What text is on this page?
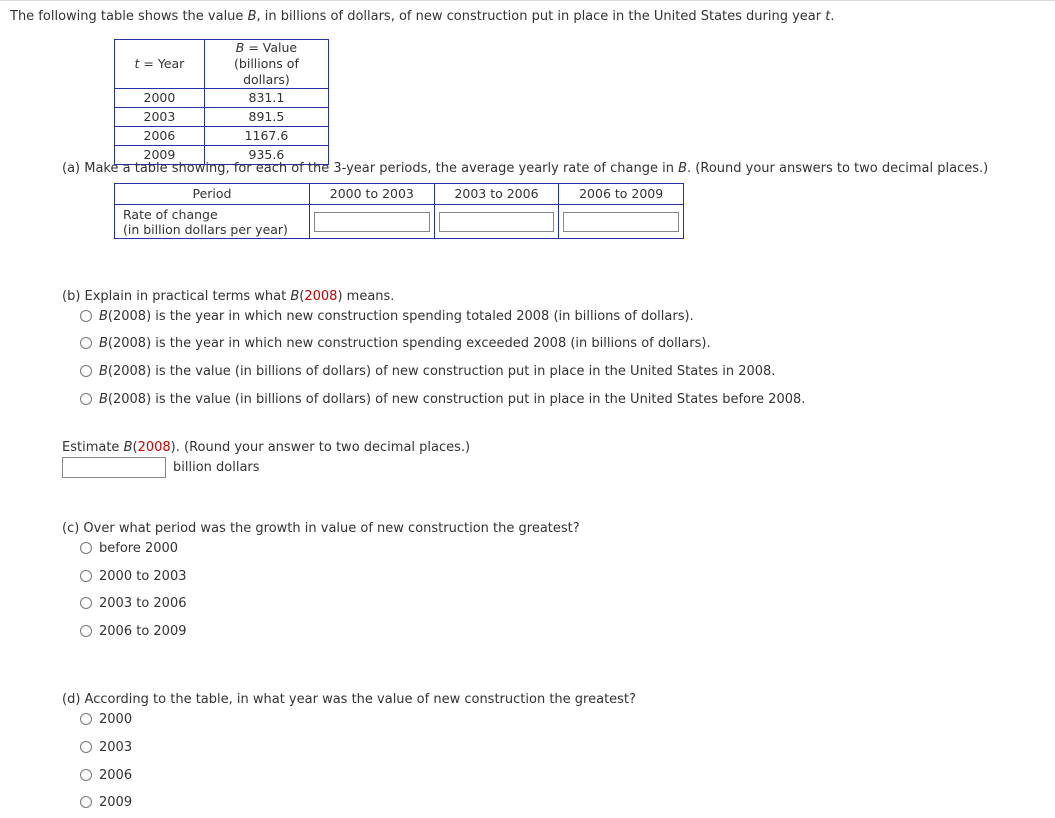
The following table shows the value B, in billions of dollars, of new construction put in place in the United States during year t.
t = Year	B = Value
(billions of dollars)
2000	831.1
2003	891.5
2006	1167.6
2009	935.6
(a) Make a table showing, for each of the 3-year periods, the average yearly rate of change in B. (Round your answers to two decimal places.)
Period	2000 to 2003	2003 to 2006	2006 to 2009
Rate of change
(in billion dollars per year)	

(b) Explain in practical terms what B(2008) means.
B(2008) is the year in which new construction spending totaled 2008 (in billions of dollars).
B(2008) is the year in which new construction spending exceeded 2008 (in billions of dollars).
B(2008) is the value (in billions of dollars) of new construction put in place in the United States in 2008.
B(2008) is the value (in billions of dollars) of new construction put in place in the United States before 2008.
Estimate B(2008). (Round your answer to two decimal places.)
billion dollars
(c) Over what period was the growth in value of new construction the greatest?
before 2000
2000 to 2003
2003 to 2006
2006 to 2009
(d) According to the table, in what year was the value of new construction the greatest?
2000
2003
2006
2009
